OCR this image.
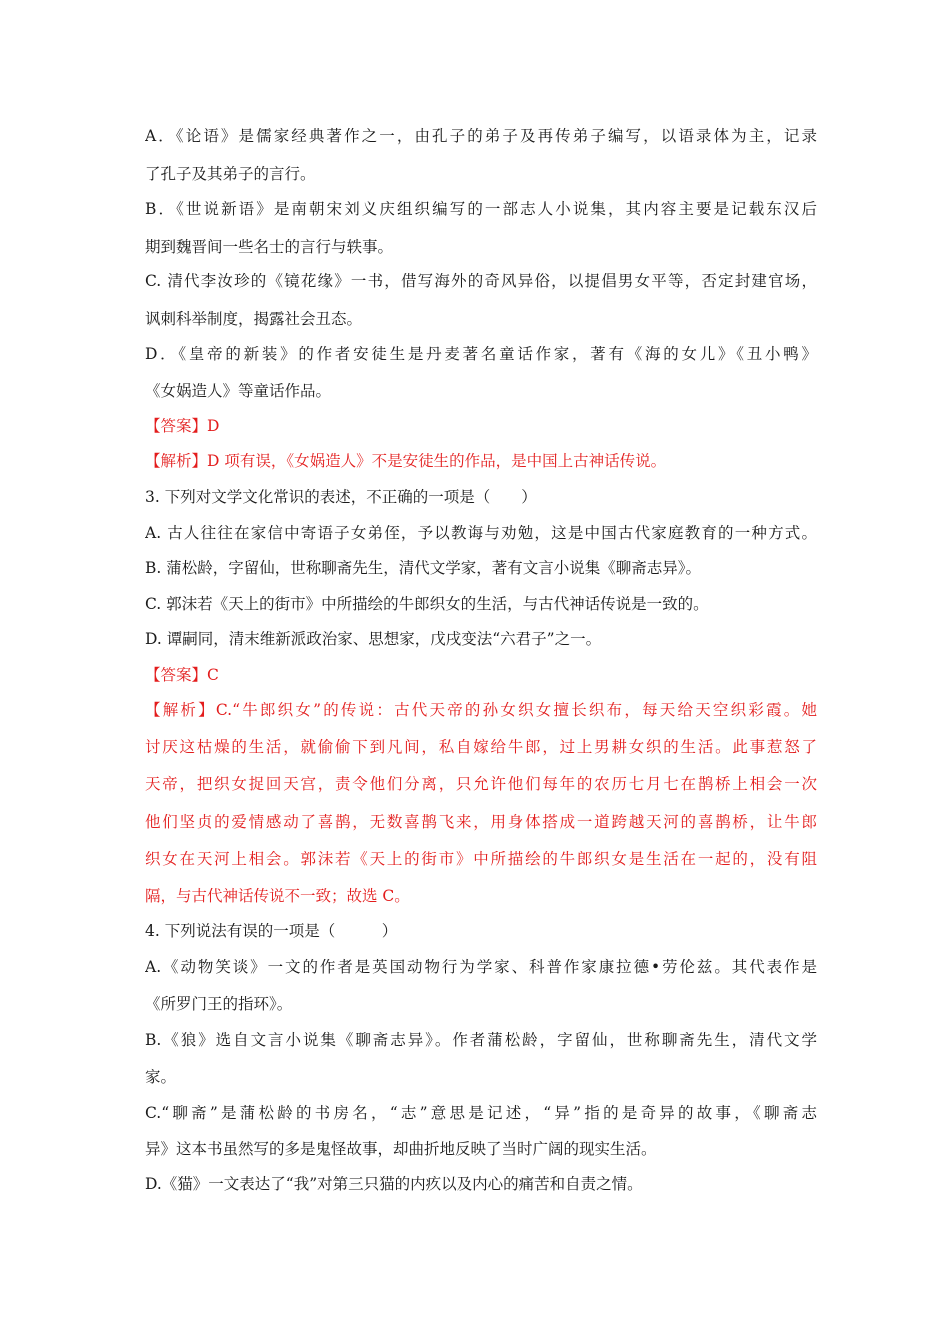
A．《论语》是儒家经典著作之一，由孔子的弟子及再传弟子编写，以语录体为主，记录
了孔子及其弟子的言行。
B．《世说新语》是南朝宋刘义庆组织编写的一部志人小说集，其内容主要是记载东汉后
期到魏晋间一些名士的言行与轶事。
C. 清代李汝珍的《镜花缘》一书，借写海外的奇风异俗，以提倡男女平等，否定封建官场，
讽刺科举制度，揭露社会丑态。
D．《皇帝的新装》的作者安徒生是丹麦著名童话作家，著有《海的女儿》《丑小鸭》
《女娲造人》等童话作品。
【答案】D
【解析】D 项有误，《女娲造人》不是安徒生的作品，是中国上古神话传说。
3. 下列对文学文化常识的表述，·   · 不正确的一项是（　　）
A. 古人往往在家信中寄语子女弟侄，予以教诲与劝勉，这是中国古代家庭教育的一种方式。
B. 蒲松龄，字留仙，世称聊斋先生，清代文学家，著有文言小说集《聊斋志异》。
C. 郭沫若《天上的街市》中所描绘的牛郎织女的生活，与古代神话传说是一致的。
D. 谭嗣同，清末维新派政治家、思想家，戊戌变法“六君子”之一。
【答案】C
【解析】C.“牛郎织女”的传说：古代天帝的孙女织女擅长织布，每天给天空织彩霞。她
讨厌这枯燥的生活，就偷偷下到凡间，私自嫁给牛郎，过上男耕女织的生活。此事惹怒了
天帝，把织女捉回天宫，责令他们分离，只允许他们每年的农历七月七在鹊桥上相会一次
他们坚贞的爱情感动了喜鹊，无数喜鹊飞来，用身体搭成一道跨越天河的喜鹊桥，让牛郎
织女在天河上相会。郭沫若《天上的街市》中所描绘的牛郎织女是生活在一起的，没有阻
隔，与古代神话传说不一致；故选 C。
4. 下列说法有误的一项是（　　　）
A.《动物笑谈》一文的作者是英国动物行为学家、科普作家康拉德•劳伦兹。其代表作是
《所罗门王的指环》。
B.《狼》选自文言小说集《聊斋志异》。作者蒲松龄，字留仙，世称聊斋先生，清代文学
家。
C.“聊斋”是蒲松龄的书房名，“志”意思是记述，“异”指的是奇异的故事，《聊斋志
异》这本书虽然写的多是鬼怪故事，却曲折地反映了当时广阔的现实生活。
D.《猫》一文表达了“我”对第三只猫的内疚以及内心的痛苦和自责之情。
